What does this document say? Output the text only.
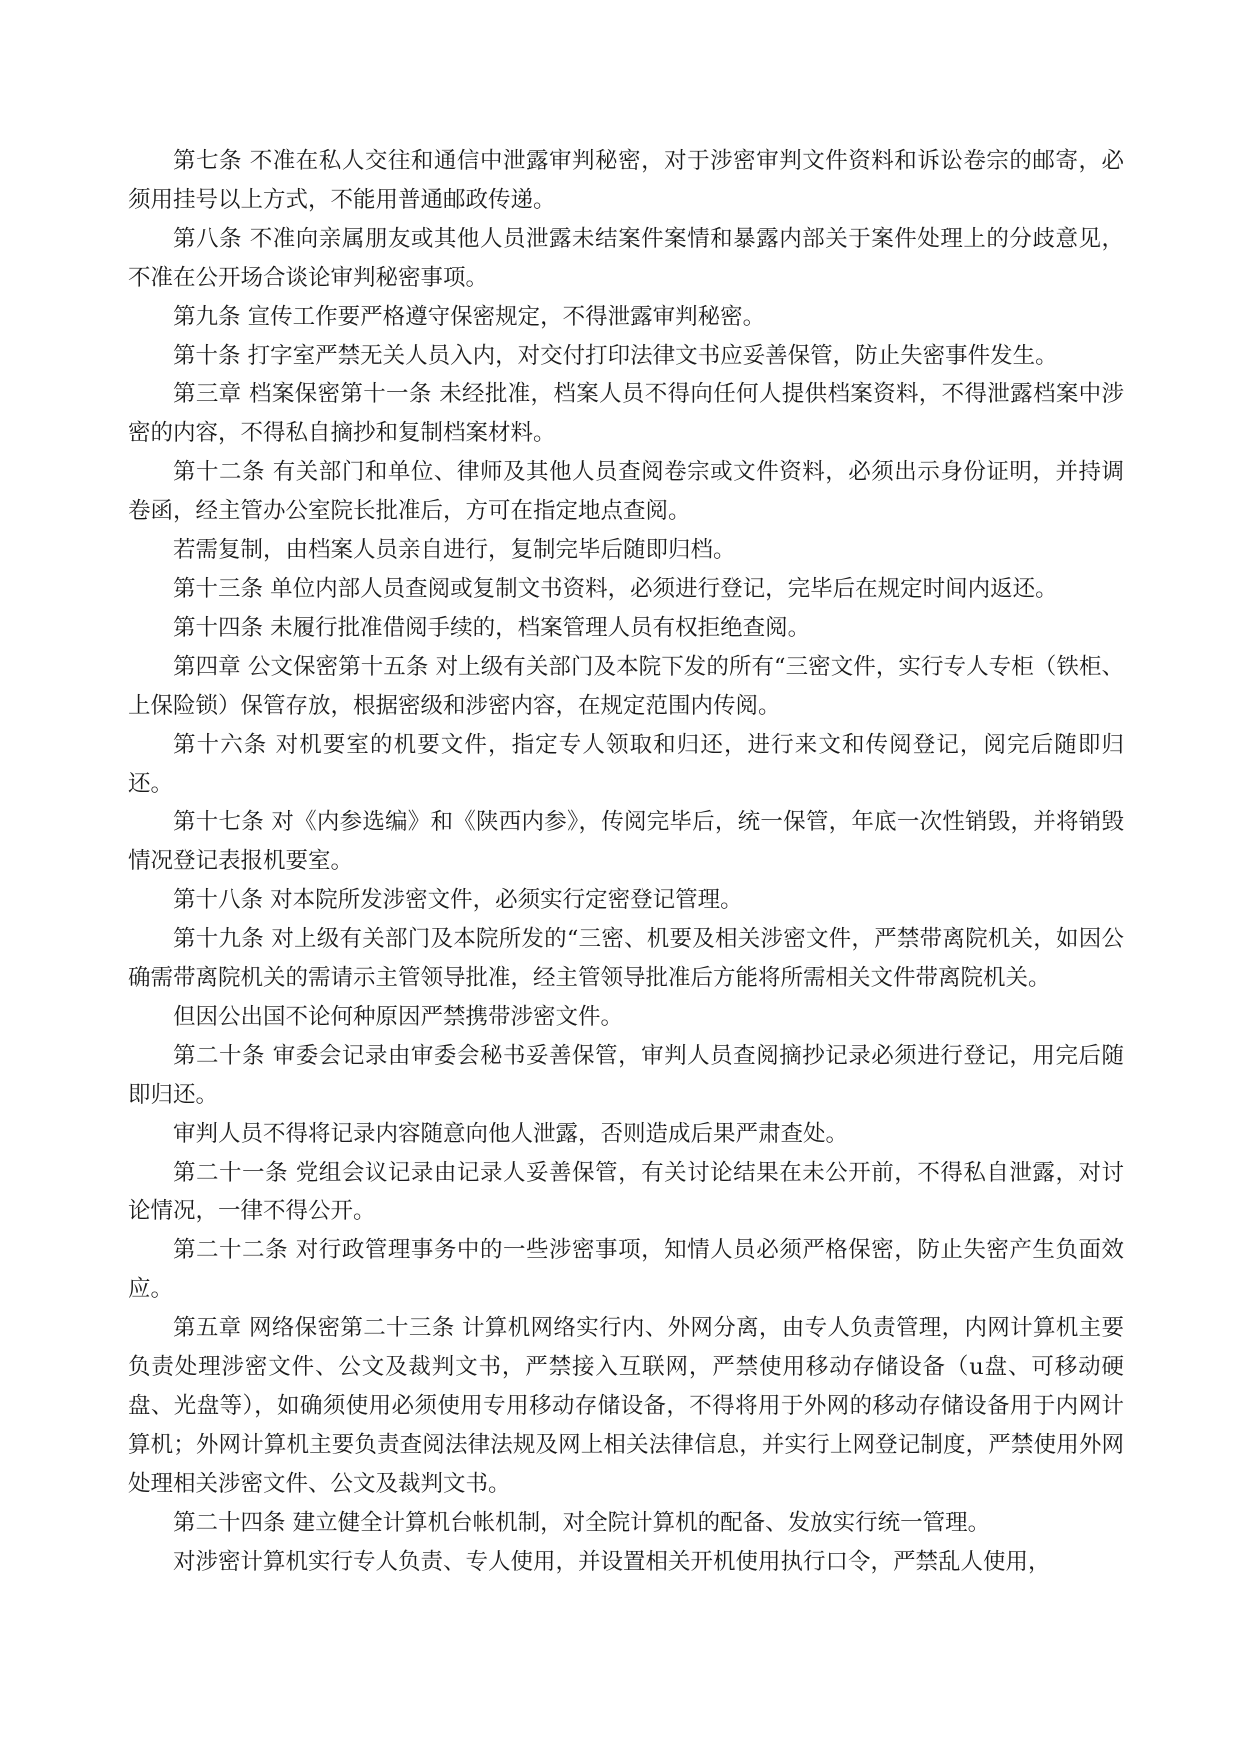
第七条 不准在私人交往和通信中泄露审判秘密，对于涉密审判文件资料和诉讼卷宗的邮寄，必须用挂号以上方式，不能用普通邮政传递。

第八条 不准向亲属朋友或其他人员泄露未结案件案情和暴露内部关于案件处理上的分歧意见，不准在公开场合谈论审判秘密事项。

第九条 宣传工作要严格遵守保密规定，不得泄露审判秘密。

第十条 打字室严禁无关人员入内，对交付打印法律文书应妥善保管，防止失密事件发生。

第三章 档案保密第十一条 未经批准，档案人员不得向任何人提供档案资料，不得泄露档案中涉密的内容，不得私自摘抄和复制档案材料。

第十二条 有关部门和单位、律师及其他人员查阅卷宗或文件资料，必须出示身份证明，并持调卷函，经主管办公室院长批准后，方可在指定地点查阅。

若需复制，由档案人员亲自进行，复制完毕后随即归档。

第十三条 单位内部人员查阅或复制文书资料，必须进行登记，完毕后在规定时间内返还。

第十四条 未履行批准借阅手续的，档案管理人员有权拒绝查阅。

第四章 公文保密第十五条 对上级有关部门及本院下发的所有“三密文件，实行专人专柜（铁柜、上保险锁）保管存放，根据密级和涉密内容，在规定范围内传阅。

第十六条 对机要室的机要文件，指定专人领取和归还，进行来文和传阅登记，阅完后随即归还。

第十七条 对《内参选编》和《陕西内参》，传阅完毕后，统一保管，年底一次性销毁，并将销毁情况登记表报机要室。

第十八条 对本院所发涉密文件，必须实行定密登记管理。

第十九条 对上级有关部门及本院所发的“三密、机要及相关涉密文件，严禁带离院机关，如因公确需带离院机关的需请示主管领导批准，经主管领导批准后方能将所需相关文件带离院机关。

但因公出国不论何种原因严禁携带涉密文件。

第二十条 审委会记录由审委会秘书妥善保管，审判人员查阅摘抄记录必须进行登记，用完后随即归还。

审判人员不得将记录内容随意向他人泄露，否则造成后果严肃查处。

第二十一条 党组会议记录由记录人妥善保管，有关讨论结果在未公开前，不得私自泄露，对讨论情况，一律不得公开。

第二十二条 对行政管理事务中的一些涉密事项，知情人员必须严格保密，防止失密产生负面效应。

第五章 网络保密第二十三条 计算机网络实行内、外网分离，由专人负责管理，内网计算机主要负责处理涉密文件、公文及裁判文书，严禁接入互联网，严禁使用移动存储设备（u盘、可移动硬盘、光盘等），如确须使用必须使用专用移动存储设备，不得将用于外网的移动存储设备用于内网计算机；外网计算机主要负责查阅法律法规及网上相关法律信息，并实行上网登记制度，严禁使用外网处理相关涉密文件、公文及裁判文书。

第二十四条 建立健全计算机台帐机制，对全院计算机的配备、发放实行统一管理。

对涉密计算机实行专人负责、专人使用，并设置相关开机使用执行口令，严禁乱人使用，
